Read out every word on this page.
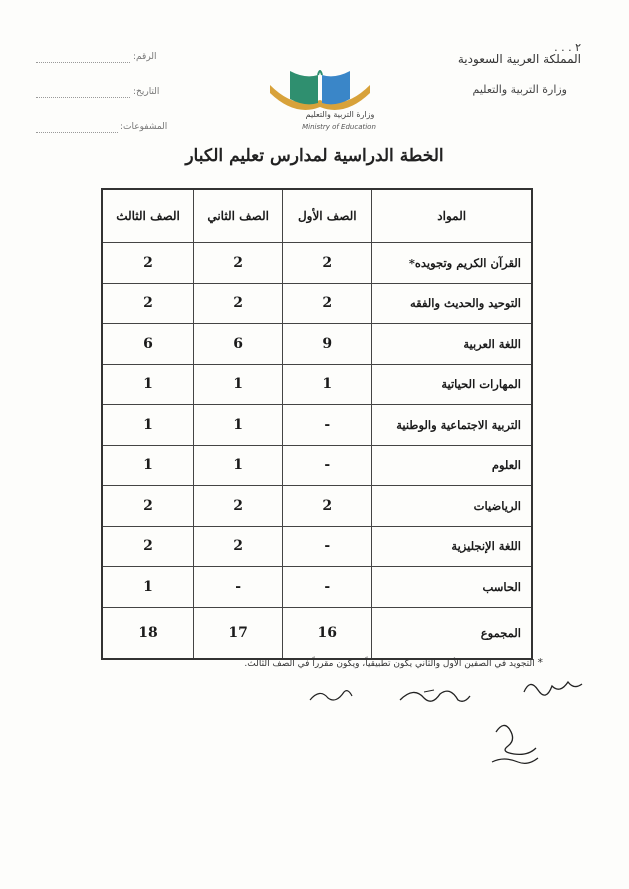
٢ . . .
المملكة العربية السعودية
وزارة التربية والتعليم
وزارة التربية والتعليم
Ministry of Education
الرقم:
التاريخ:
المشفوعات:
الخطة الدراسية لمدارس تعليم الكبار
المواد	الصف الأول	الصف الثاني	الصف الثالث
القرآن الكريم وتجويده*	2	2	2
التوحيد والحديث والفقه	2	2	2
اللغة العربية	9	6	6
المهارات الحياتية	1	1	1
التربية الاجتماعية والوطنية	-	1	1
العلوم	-	1	1
الرياضيات	2	2	2
اللغة الإنجليزية	-	2	2
الحاسب	-	-	1
المجموع	16	17	18
* التجويد في الصفين الأول والثاني يكون تطبيقياً، ويكون مقرراً في الصف الثالث.
